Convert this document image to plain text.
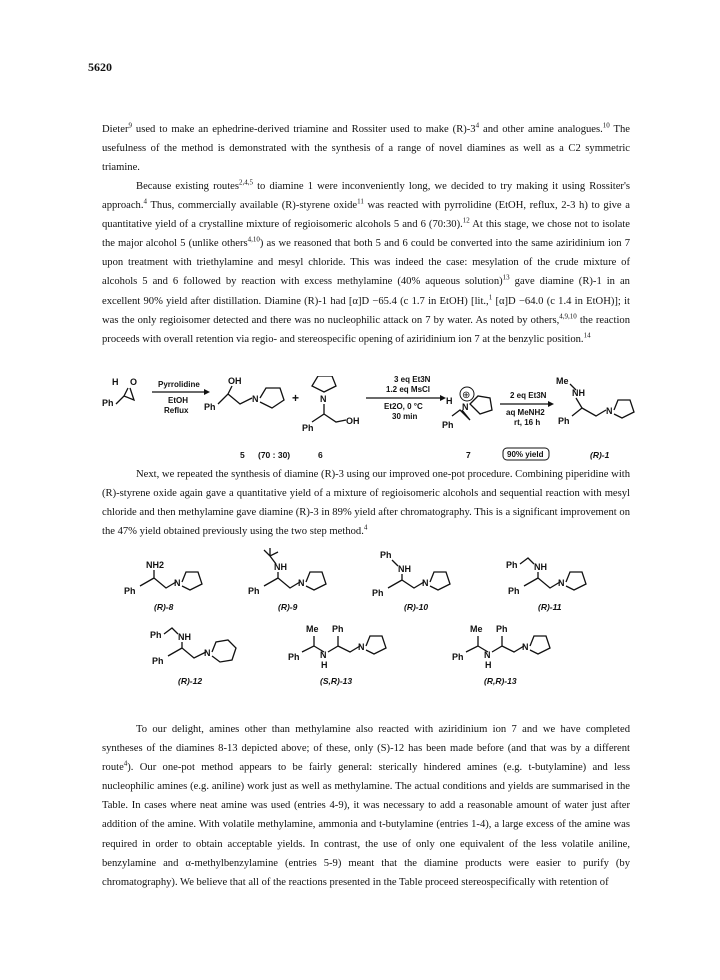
5620

Dieter$^9$ used to make an ephedrine-derived triamine and Rossiter used to make $(R)-3^4$ and other amine analogues.$^{10}$ The usefulness of the method is demonstrated with the synthesis of a range of novel diamines as well as a C2 symmetric triamine.

Because existing routes$^{2,4,5}$ to diamine 1 were inconveniently long, we decided to try making it using Rossiter's approach.$^4$ Thus, commercially available (R)-styrene oxide$^{11}$ was reacted with pyrrolidine (EtOH, reflux, 2-3 h) to give a quantitative yield of a crystalline mixture of regioisomeric alcohols 5 and 6 (70:30).$^{12}$ At this stage, we chose not to isolate the major alcohol 5 (unlike others$^{4,10}$) as we reasoned that both 5 and 6 could be converted into the same aziridinium ion 7 upon treatment with triethylamine and mesyl chloride. This was indeed the case: mesylation of the crude mixture of alcohols 5 and 6 followed by reaction with excess methylamine (40% aqueous solution)$^{13}$ gave diamine (R)-1 in an excellent 90% yield after distillation. Diamine (R)-1 had [α]D −65.4 (c 1.7 in EtOH) [lit.,$^1$ [α]D −64.0 (c 1.4 in EtOH)]; it was the only regioisomer detected and there was no nucleophilic attack on 7 by water. As noted by others,$^{4,9,10}$ the reaction proceeds with overall retention via regio- and stereospecific opening of aziridinium ion 7 at the benzylic position.$^{14}$

Ph
H O	Pyrrolidine
EtOH
Reflux Ph
OH
N	+ N
Ph
OH
3 eq Et3N
1.2 eq MsCl
Et2O, 0 °C
30 min
H ⊕
N
Ph
2 eq Et3N
aq MeNH2
rt, 16 h
Me
NH
Ph
N
5 (70 : 30)	6	7	90% yield	(R)-1

Next, we repeated the synthesis of diamine (R)-3 using our improved one-pot procedure. Combining piperidine with (R)-styrene oxide again gave a quantitative yield of a mixture of regioisomeric alcohols and sequential reaction with mesyl chloride and then methylamine gave diamine (R)-3 in 89% yield after chromatography. This is a significant improvement on the 47% yield obtained previously using the two step method.$^4$

NH2
Ph
N
(R)-8
NH
Ph
N
(R)-9
Ph
NH
Ph
N
(R)-10
Ph NH
Ph
N
(R)-11
Ph NH
Ph
N
(R)-12
Me Ph
Ph N
H
N
(S,R)-13
Me Ph
Ph N
H
N
(R,R)-13

To our delight, amines other than methylamine also reacted with aziridinium ion 7 and we have completed syntheses of the diamines 8-13 depicted above; of these, only (S)-12 has been made before (and that was by a different route$^4$). Our one-pot method appears to be fairly general: sterically hindered amines (e.g. t-butylamine) and less nucleophilic amines (e.g. aniline) work just as well as methylamine. The actual conditions and yields are summarised in the Table. In cases where neat amine was used (entries 4-9), it was necessary to add a reasonable amount of water just after addition of the amine. With volatile methylamine, ammonia and t-butylamine (entries 1-4), a large excess of the amine was required in order to obtain acceptable yields. In contrast, the use of only one equivalent of the less volatile aniline, benzylamine and α-methylbenzylamine (entries 5-9) meant that the diamine products were easier to purify (by chromatography). We believe that all of the reactions presented in the Table proceed stereospecifically with retention of
